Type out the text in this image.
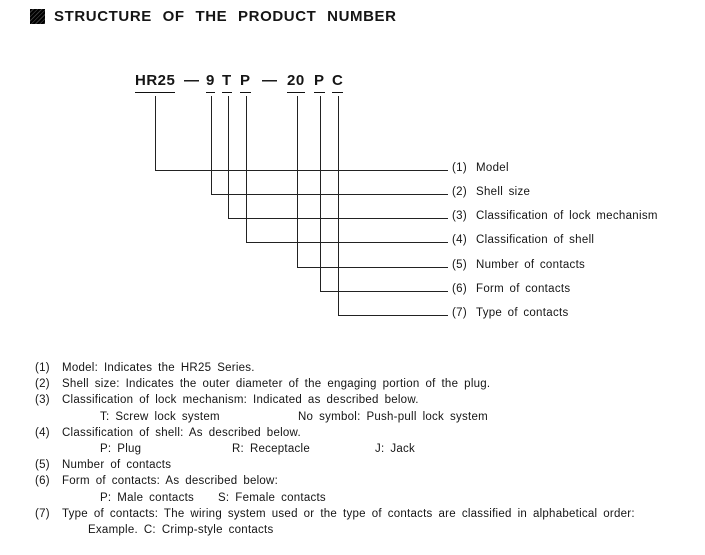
STRUCTURE OF THE PRODUCT NUMBER
HR25 — 9 T P — 20 P C
(1) Model
(2) Shell size
(3) Classification of lock mechanism
(4) Classification of shell
(5) Number of contacts
(6) Form of contacts
(7) Type of contacts
(1) Model: Indicates the HR25 Series.
(2) Shell size: Indicates the outer diameter of the engaging portion of the plug.
(3) Classification of lock mechanism: Indicated as described below.
T: Screw lock system	No symbol: Push-pull lock system
(4) Classification of shell: As described below.
P: Plug	R: Receptacle	J: Jack
(5) Number of contacts
(6) Form of contacts: As described below:
P: Male contacts S: Female contacts
(7) Type of contacts: The wiring system used or the type of contacts are classified in alphabetical order:
Example. C: Crimp-style contacts
